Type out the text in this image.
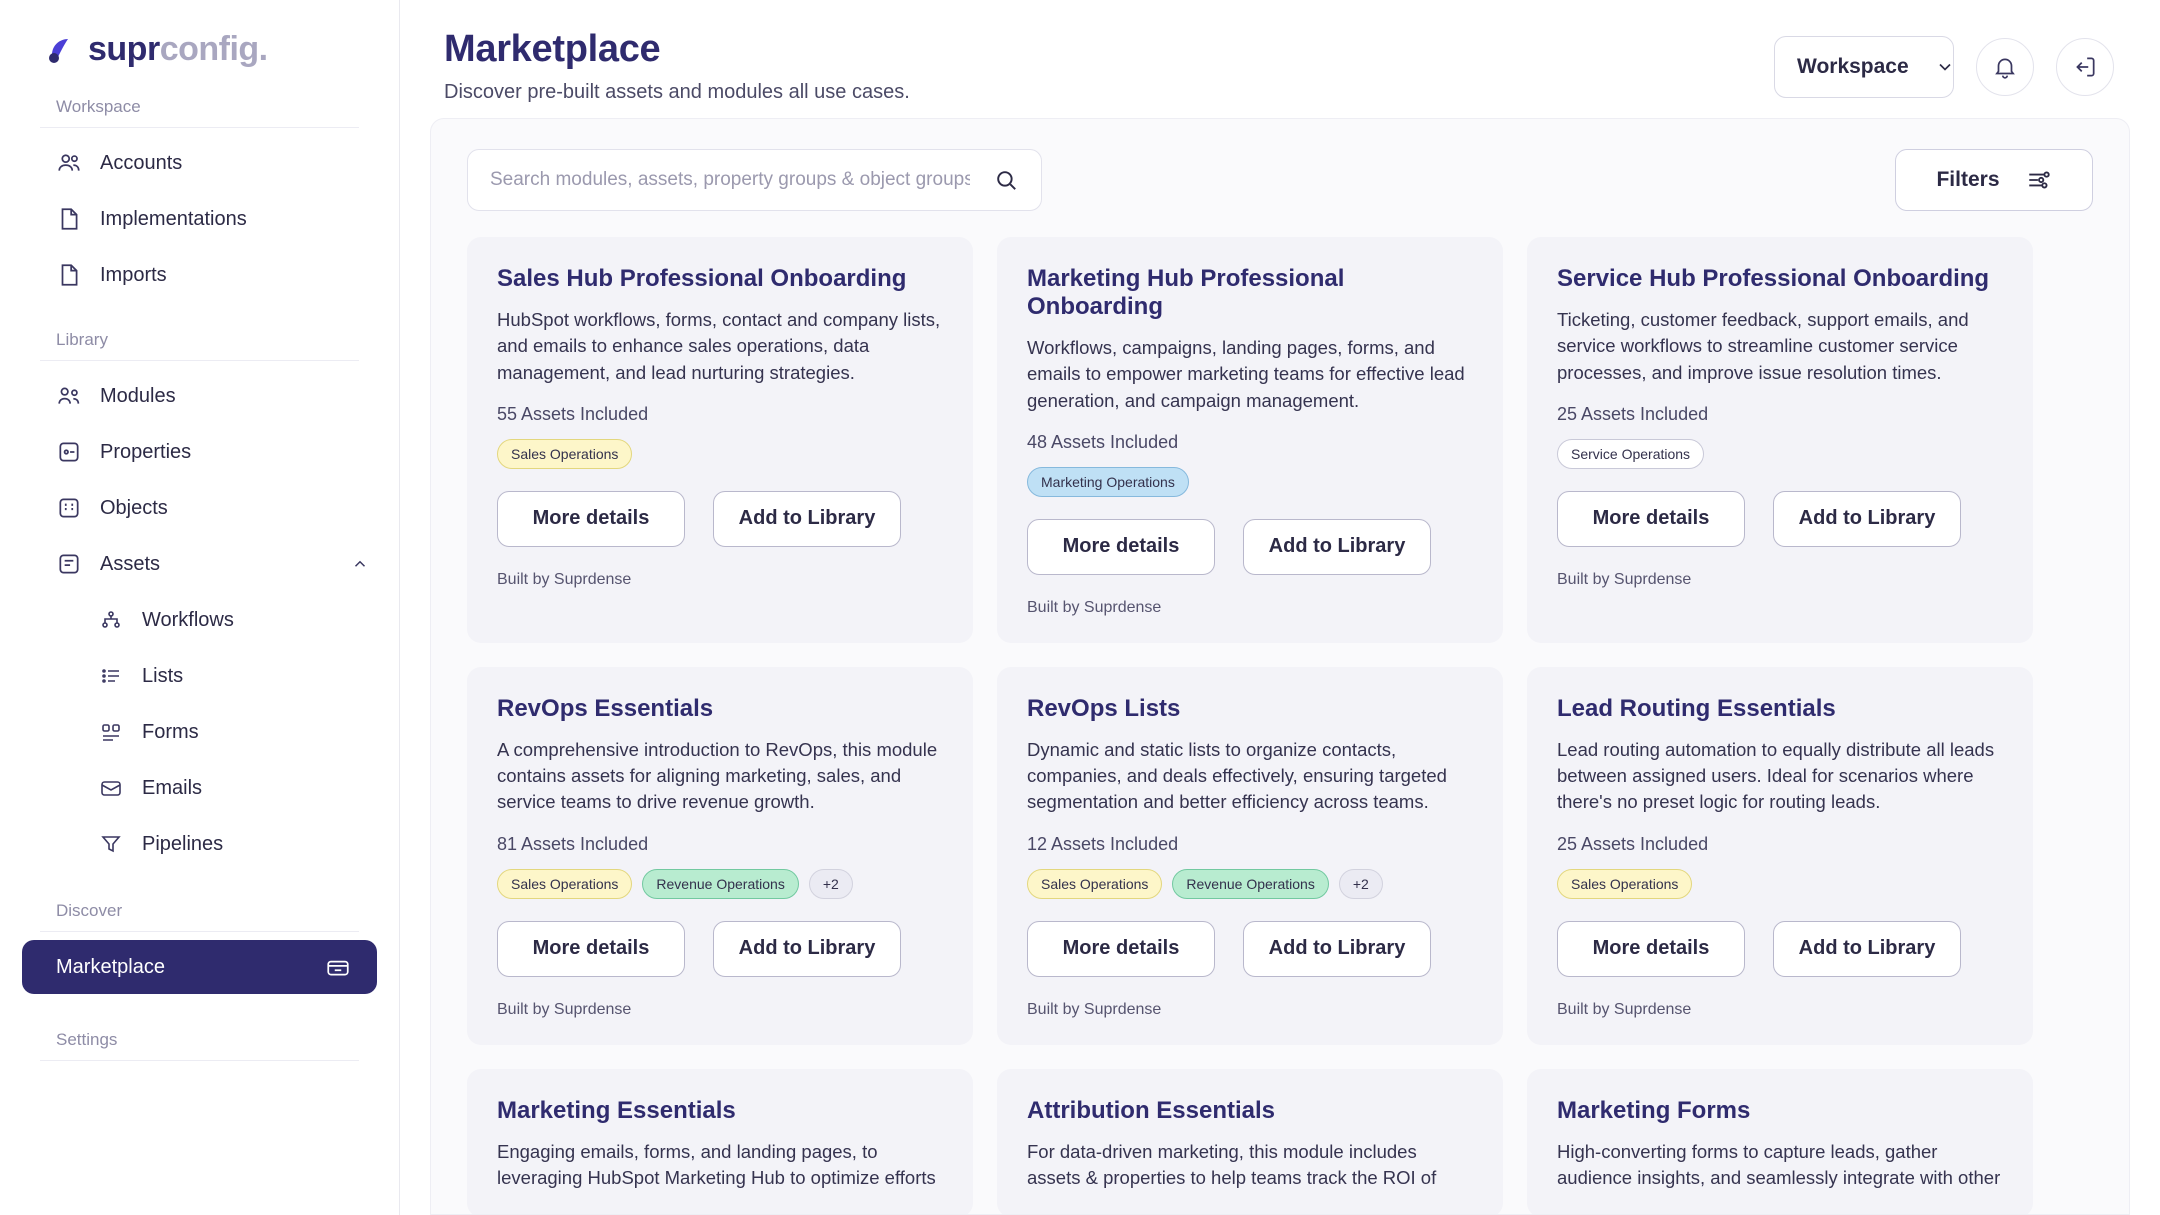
suprconfig.
Workspace
Accounts
Implementations
Imports
Library
Modules
Properties
Objects
Assets
Workflows
Lists
Forms
Emails
Pipelines
Discover
Marketplace
Settings
Marketplace
Discover pre-built assets and modules all use cases.
Workspace
Search modules, assets, property groups & object groups
Filters
Sales Hub Professional Onboarding
HubSpot workflows, forms, contact and company lists, and emails to enhance sales operations, data management, and lead nurturing strategies.
55 Assets Included
Sales Operations
More details	Add to Library
Built by Suprdense
Marketing Hub Professional Onboarding
Workflows, campaigns, landing pages, forms, and emails to empower marketing teams for effective lead generation, and campaign management.
48 Assets Included
Marketing Operations
More details	Add to Library
Built by Suprdense
Service Hub Professional Onboarding
Ticketing, customer feedback, support emails, and service workflows to streamline customer service processes, and improve issue resolution times.
25 Assets Included
Service Operations
More details	Add to Library
Built by Suprdense
RevOps Essentials
A comprehensive introduction to RevOps, this module contains assets for aligning marketing, sales, and service teams to drive revenue growth.
81 Assets Included
Sales Operations	Revenue Operations	+2
More details	Add to Library
Built by Suprdense
RevOps Lists
Dynamic and static lists to organize contacts, companies, and deals effectively, ensuring targeted segmentation and better efficiency across teams.
12 Assets Included
Sales Operations	Revenue Operations	+2
More details	Add to Library
Built by Suprdense
Lead Routing Essentials
Lead routing automation to equally distribute all leads between assigned users. Ideal for scenarios where there's no preset logic for routing leads.
25 Assets Included
Sales Operations
More details	Add to Library
Built by Suprdense
Marketing Essentials
Engaging emails, forms, and landing pages, to leveraging HubSpot Marketing Hub to optimize efforts
Attribution Essentials
For data-driven marketing, this module includes assets & properties to help teams track the ROI of
Marketing Forms
High-converting forms to capture leads, gather audience insights, and seamlessly integrate with other
